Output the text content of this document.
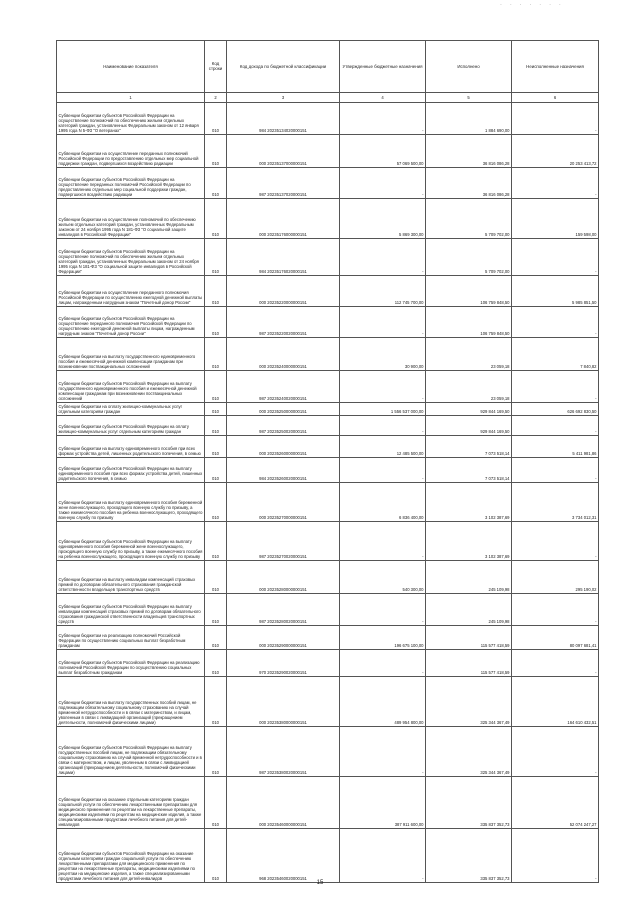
· · · · · · ·
Наименование показателя	Код строки	Код дохода по бюджетной классификации	Утвержденные бюджетные назначения	Исполнено	Неисполненные назначения
1	2	3	4	5	6
Субвенции бюджетам субъектов Российской Федерации на осуществление полномочий по обеспечению жильем отдельных категорий граждан, установленных Федеральным законом от 12 января 1995 года N 5-ФЗ "О ветеранах"	010	984 20235134020000151	-	1 884 690,00	-
Субвенции бюджетам на осуществление переданных полномочий Российской Федерации по предоставлению отдельных мер социальной поддержки граждан, подвергшихся воздействию радиации	010	000 20235137000000151	57 069 500,00	36 816 086,28	20 253 413,72
Субвенции бюджетам субъектов Российской Федерации на осуществление переданных полномочий Российской Федерации по предоставлению отдельных мер социальной поддержки граждан, подвергшихся воздействию радиации	010	987 20235137020000151	-	36 816 086,28	-
Субвенции бюджетам на осуществление полномочий по обеспечению жильем отдельных категорий граждан, установленных Федеральным законом от 24 ноября 1995 года N 181-ФЗ "О социальной защите инвалидов в Российской Федерации"	010	000 20235176000000151	5 869 300,00	5 709 702,00	159 598,00
Субвенции бюджетам субъектов Российской Федерации на осуществление полномочий по обеспечению жильем отдельных категорий граждан, установленных Федеральным законом от 24 ноября 1995 года N 181-ФЗ "О социальной защите инвалидов в Российской Федерации"	010	984 20235176020000151	-	5 709 702,00	-
Субвенции бюджетам на осуществление переданного полномочия Российской Федерации по осуществлению ежегодной денежной выплаты лицам, награжденным нагрудным знаком "Почетный донор России"	010	000 20235220000000151	112 745 700,00	106 759 848,50	5 985 851,50
Субвенции бюджетам субъектов Российской Федерации на осуществление переданного полномочия Российской Федерации по осуществлению ежегодной денежной выплаты лицам, награжденным нагрудным знаком "Почетный донор России"	010	987 20235220020000151	-	106 759 848,50	-
Субвенции бюджетам на выплату государственного единовременного пособия и ежемесячной денежной компенсации гражданам при возникновении поствакцинальных осложнений	010	000 20235240000000151	30 900,00	23 059,18	7 840,82
Субвенции бюджетам субъектов Российской Федерации на выплату государственного единовременного пособия и ежемесячной денежной компенсации гражданам при возникновении поствакцинальных осложнений	010	987 20235240020000151	-	23 059,18	-
Субвенции бюджетам на оплату жилищно-коммунальных услуг отдельным категориям граждан	010	000 20235250000000151	1 556 537 000,00	929 844 169,50	626 692 830,50
Субвенции бюджетам субъектов Российской Федерации на оплату жилищно-коммунальных услуг отдельным категориям граждан	010	987 20235250020000151	-	929 844 169,50	-
Субвенции бюджетам на выплату единовременного пособия при всех формах устройства детей, лишенных родительского попечения, в семью	010	000 20235260000000151	12 485 500,00	7 073 518,14	5 411 981,86
Субвенции бюджетам субъектов Российской Федерации на выплату единовременного пособия при всех формах устройства детей, лишенных родительского попечения, в семью	010	984 20235260020000151	-	7 073 518,14	-
Субвенции бюджетам на выплату единовременного пособия беременной жене военнослужащего, проходящего военную службу по призыву, а также ежемесячного пособия на ребенка военнослужащего, проходящего военную службу по призыву	010	000 20235270000000151	6 836 400,00	3 102 387,69	3 734 012,31
Субвенции бюджетам субъектов Российской Федерации на выплату единовременного пособия беременной жене военнослужащего, проходящего военную службу по призыву, а также ежемесячного пособия на ребенка военнослужащего, проходящего военную службу по призыву	010	987 20235270020000151	-	3 102 387,69	-
Субвенции бюджетам на выплату инвалидам компенсаций страховых премий по договорам обязательного страхования гражданской ответственности владельцев транспортных средств	010	000 20235280000000151	540 300,00	245 109,98	295 190,02
Субвенции бюджетам субъектов Российской Федерации на выплату инвалидам компенсаций страховых премий по договорам обязательного страхования гражданской ответственности владельцев транспортных средств	010	987 20235280020000151	-	245 109,98	-
Субвенции бюджетам на реализацию полномочий Российской Федерации по осуществлению социальных выплат безработным гражданам	010	000 20235290000000151	196 675 100,00	115 577 418,59	80 097 681,41
Субвенции бюджетам субъектов Российской Федерации на реализацию полномочий Российской Федерации по осуществлению социальных выплат безработным гражданам	010	970 20235290020000151	-	115 577 418,59	-
Субвенции бюджетам на выплату государственных пособий лицам, не подлежащим обязательному социальному страхованию на случай временной нетрудоспособности и в связи с материнством, и лицам, уволенным в связи с ликвидацией организаций (прекращением деятельности, полномочий физическими лицами)	010	000 20235380000000151	489 954 800,00	325 344 367,49	164 610 432,51
Субвенции бюджетам субъектов Российской Федерации на выплату государственных пособий лицам, не подлежащим обязательному социальному страхованию на случай временной нетрудоспособности и в связи с материнством, и лицам, уволенным в связи с ликвидацией организаций (прекращением деятельности, полномочий физическими лицами)	010	987 20235380020000151	-	325 344 367,49	-
Субвенции бюджетам на оказание отдельным категориям граждан социальной услуги по обеспечению лекарственными препаратами для медицинского применения по рецептам на лекарственные препараты, медицинскими изделиями по рецептам на медицинские изделия, а также специализированными продуктами лечебного питания для детей-инвалидов	010	000 20235460000000151	387 911 600,00	335 837 352,73	52 074 247,27
Субвенции бюджетам субъектов Российской Федерации на оказание отдельным категориям граждан социальной услуги по обеспечению лекарственными препаратами для медицинского применения по рецептам на лекарственные препараты, медицинскими изделиями по рецептам на медицинские изделия, а также специализированными продуктами лечебного питания для детей-инвалидов	010	968 20235460020000151	-	335 837 352,73	-
15
